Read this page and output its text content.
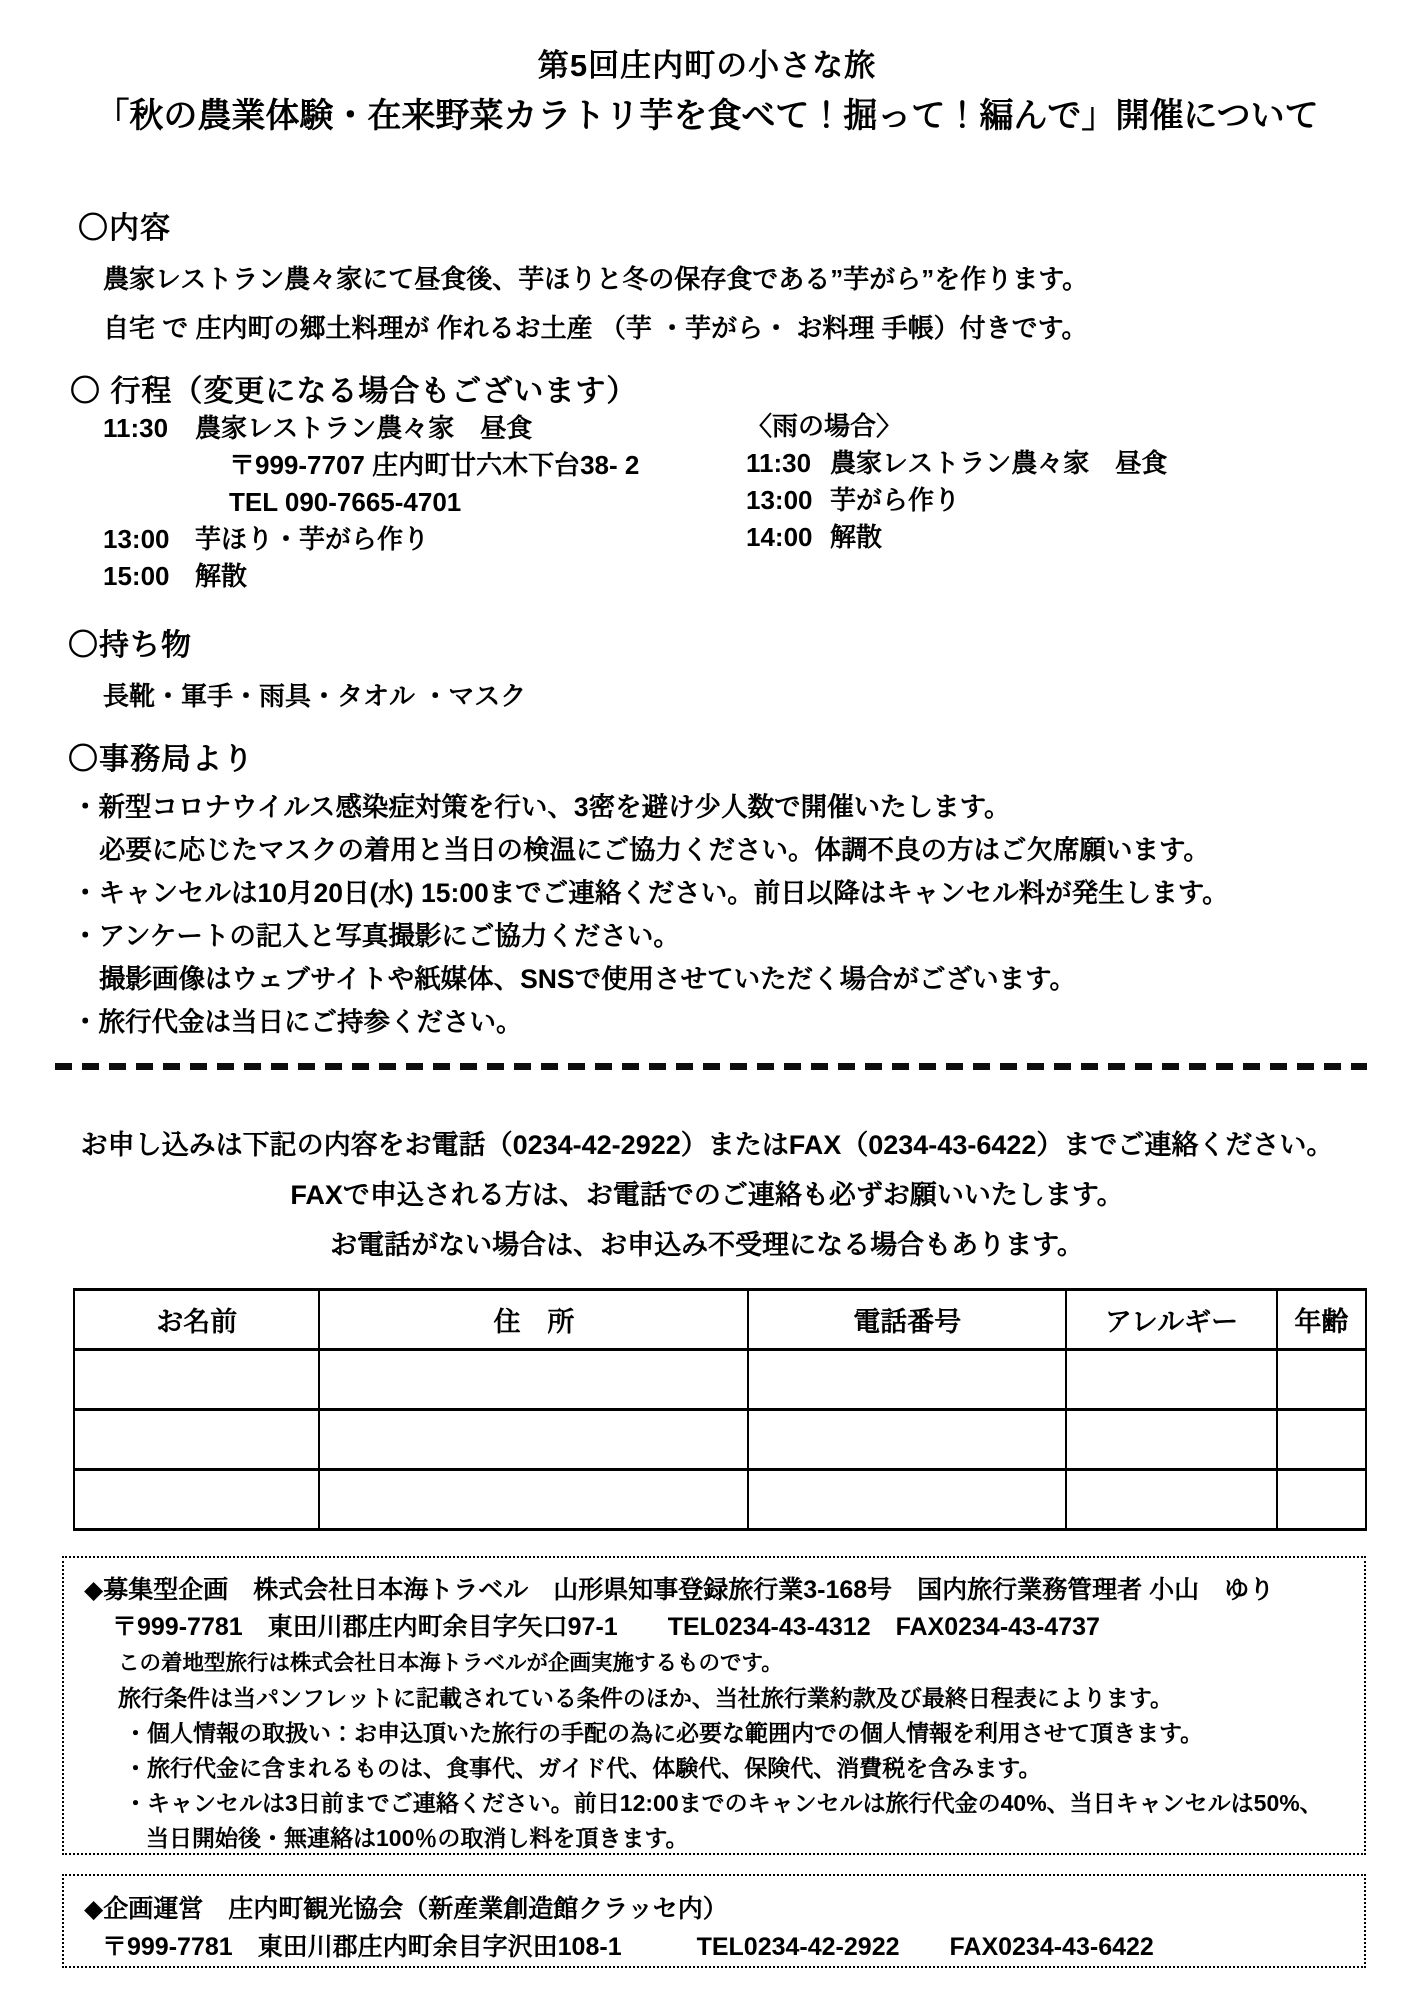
第5回庄内町の小さな旅
「秋の農業体験・在来野菜カラトリ芋を食べて！掘って！編んで」開催について
〇内容
農家レストラン農々家にて昼食後、芋ほりと冬の保存食である”芋がら”を作ります。
自宅 で 庄内町の郷土料理が 作れるお土産 （芋 ・芋がら・ お料理 手帳）付きです。
〇 行程（変更になる場合もございます）
11:30	農家レストラン農々家　昼食
〒999-7707 庄内町廿六木下台38- 2
TEL 090-7665-4701
13:00 芋ほり・芋がら作り
15:00 解散
〈雨の場合〉
11:30 農家レストラン農々家　昼食
13:00 芋がら作り
14:00 解散
〇持ち物
長靴・軍手・雨具・タオル ・マスク
〇事務局より
・新型コロナウイルス感染症対策を行い、3密を避け少人数で開催いたします。
必要に応じたマスクの着用と当日の検温にご協力ください。体調不良の方はご欠席願います。
・キャンセルは10月20日(水) 15:00までご連絡ください。前日以降はキャンセル料が発生します。
・アンケートの記入と写真撮影にご協力ください。
撮影画像はウェブサイトや紙媒体、SNSで使用させていただく場合がございます。
・旅行代金は当日にご持参ください。
お申し込みは下記の内容をお電話（0234-42-2922）またはFAX（0234-43-6422）までご連絡ください。
FAXで申込される方は、お電話でのご連絡も必ずお願いいたします。
お電話がない場合は、お申込み不受理になる場合もあります。
お名前	住　所	電話番号	アレルギー	年齢

◆募集型企画　株式会社日本海トラベル　山形県知事登録旅行業3-168号　国内旅行業務管理者 小山　ゆり
〒999-7781　東田川郡庄内町余目字矢口97-1　　TEL0234-43-4312　FAX0234-43-4737
この着地型旅行は株式会社日本海トラベルが企画実施するものです。
旅行条件は当パンフレットに記載されている条件のほか、当社旅行業約款及び最終日程表によります。
・個人情報の取扱い：お申込頂いた旅行の手配の為に必要な範囲内での個人情報を利用させて頂きます。
・旅行代金に含まれるものは、食事代、ガイド代、体験代、保険代、消費税を含みます。
・キャンセルは3日前までご連絡ください。前日12:00までのキャンセルは旅行代金の40%、当日キャンセルは50%、
当日開始後・無連絡は100％の取消し料を頂きます。
◆企画運営　庄内町観光協会（新産業創造館クラッセ内）
〒999-7781　東田川郡庄内町余目字沢田108-1　　　TEL0234-42-2922　　FAX0234-43-6422
